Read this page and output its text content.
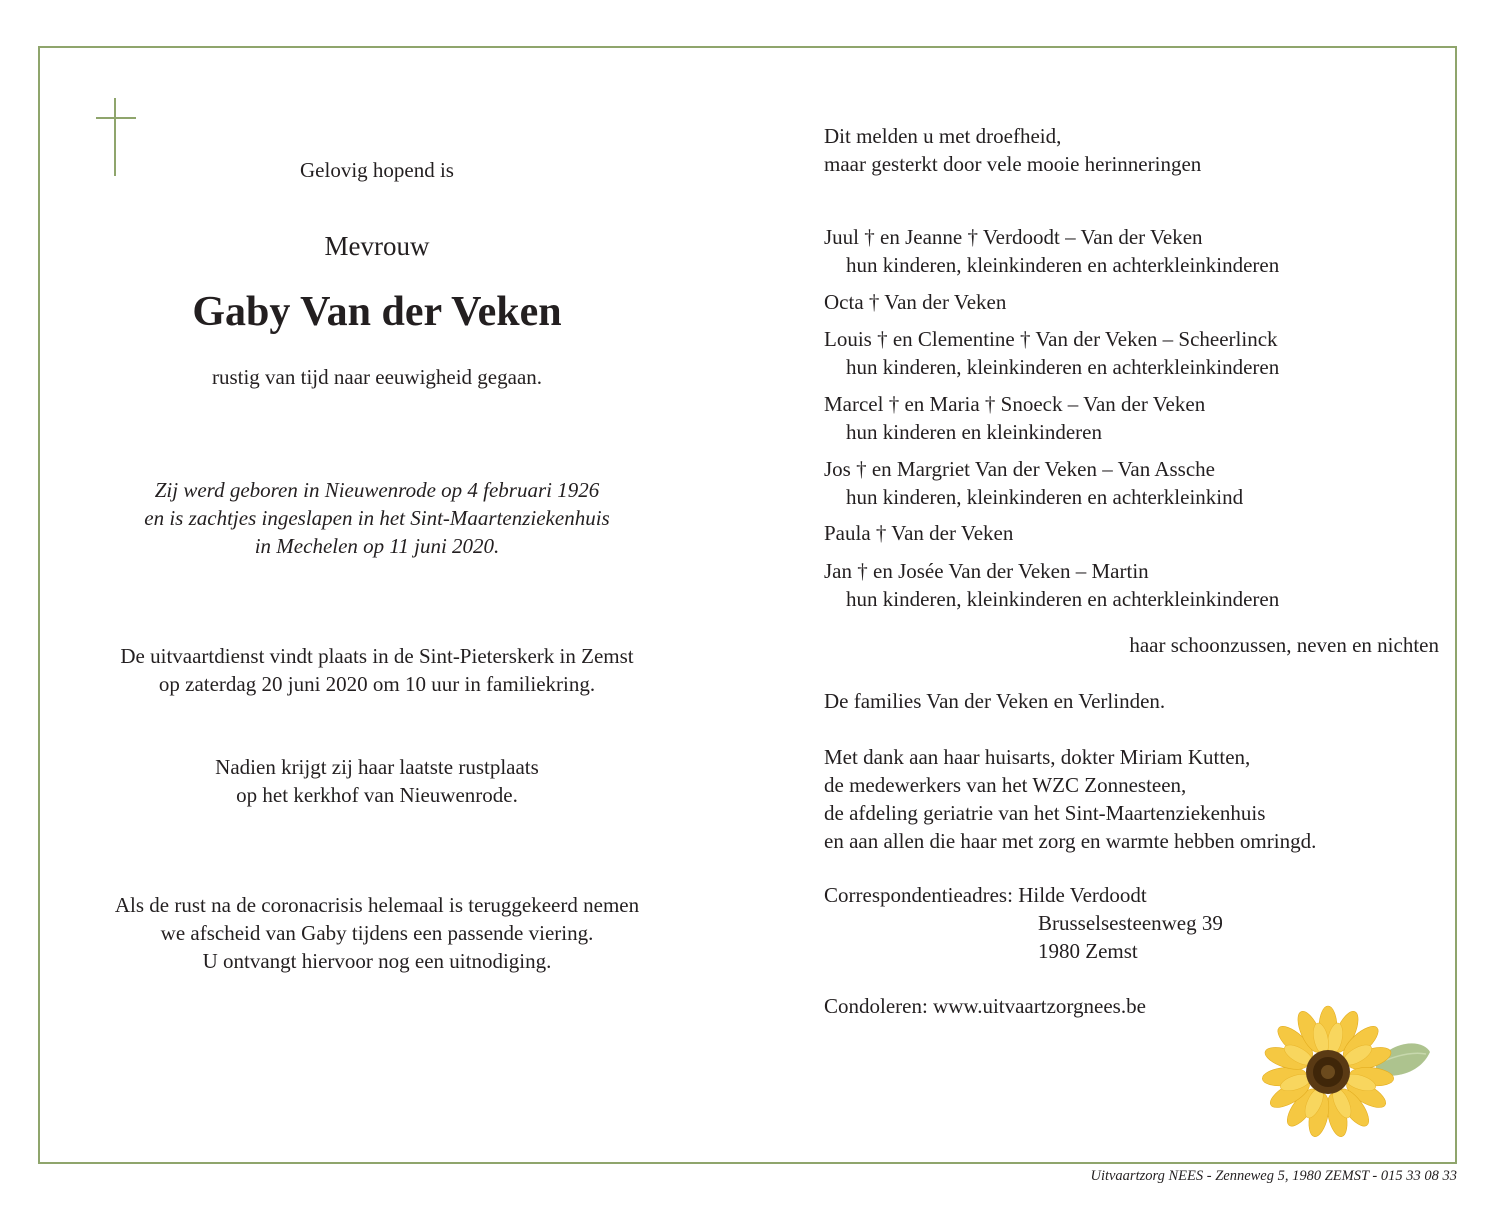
Gelovig hopend is
Mevrouw
Gaby Van der Veken
rustig van tijd naar eeuwigheid gegaan.
Zij werd geboren in Nieuwenrode op 4 februari 1926
en is zachtjes ingeslapen in het Sint-Maartenziekenhuis
in Mechelen op 11 juni 2020.
De uitvaartdienst vindt plaats in de Sint-Pieterskerk in Zemst
op zaterdag 20 juni 2020 om 10 uur in familiekring.
Nadien krijgt zij haar laatste rustplaats
op het kerkhof van Nieuwenrode.
Als de rust na de coronacrisis helemaal is teruggekeerd nemen
we afscheid van Gaby tijdens een passende viering.
U ontvangt hiervoor nog een uitnodiging.
Dit melden u met droefheid,
maar gesterkt door vele mooie herinneringen
Juul † en Jeanne † Verdoodt – Van der Veken
hun kinderen, kleinkinderen en achterkleinkinderen
Octa † Van der Veken
Louis † en Clementine † Van der Veken – Scheerlinck
hun kinderen, kleinkinderen en achterkleinkinderen
Marcel † en Maria † Snoeck – Van der Veken
hun kinderen en kleinkinderen
Jos † en Margriet Van der Veken – Van Assche
hun kinderen, kleinkinderen en achterkleinkind
Paula † Van der Veken
Jan † en Josée Van der Veken – Martin
hun kinderen, kleinkinderen en achterkleinkinderen
haar schoonzussen, neven en nichten
De families Van der Veken en Verlinden.
Met dank aan haar huisarts, dokter Miriam Kutten,
de medewerkers van het WZC Zonnesteen,
de afdeling geriatrie van het Sint-Maartenziekenhuis
en aan allen die haar met zorg en warmte hebben omringd.
Correspondentieadres: Hilde Verdoodt
Brusselsesteenweg 39
1980 Zemst
Condoleren: www.uitvaartzorgnees.be
Uitvaartzorg NEES - Zenneweg 5, 1980 ZEMST - 015 33 08 33
